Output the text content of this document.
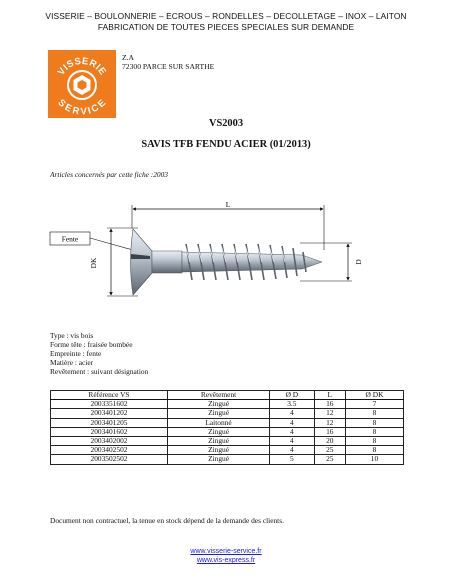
VISSERIE – BOULONNERIE – ECROUS – RONDELLES – DECOLLETAGE – INOX – LAITON
FABRICATION DE TOUTES PIECES SPECIALES SUR DEMANDE
VISSERIE
SERVICE
Z.A
72300 PARCE SUR SARTHE
VS2003
SAVIS TFB FENDU ACIER (01/2013)
Articles concernés par cette fiche :2003
L
DK	D
Fente
Type : vis bois
Forme tête : fraisée bombée
Empreinte : fente
Matière : acier
Revêtement : suivant désignation
Référence VS	Revêtement	Ø D	L	Ø DK
2003351602	Zingué	3.5	16	7
2003401202	Zingué	4	12	8
2003401205	Laitonné	4	12	8
2003401602	Zingué	4	16	8
2003402002	Zingué	4	20	8
2003402502	Zingué	4	25	8
2003502502	Zingué	5	25	10
Document non contractuel, la tenue en stock dépend de la demande des clients.
www.visserie-service.fr
www.vis-express.fr
